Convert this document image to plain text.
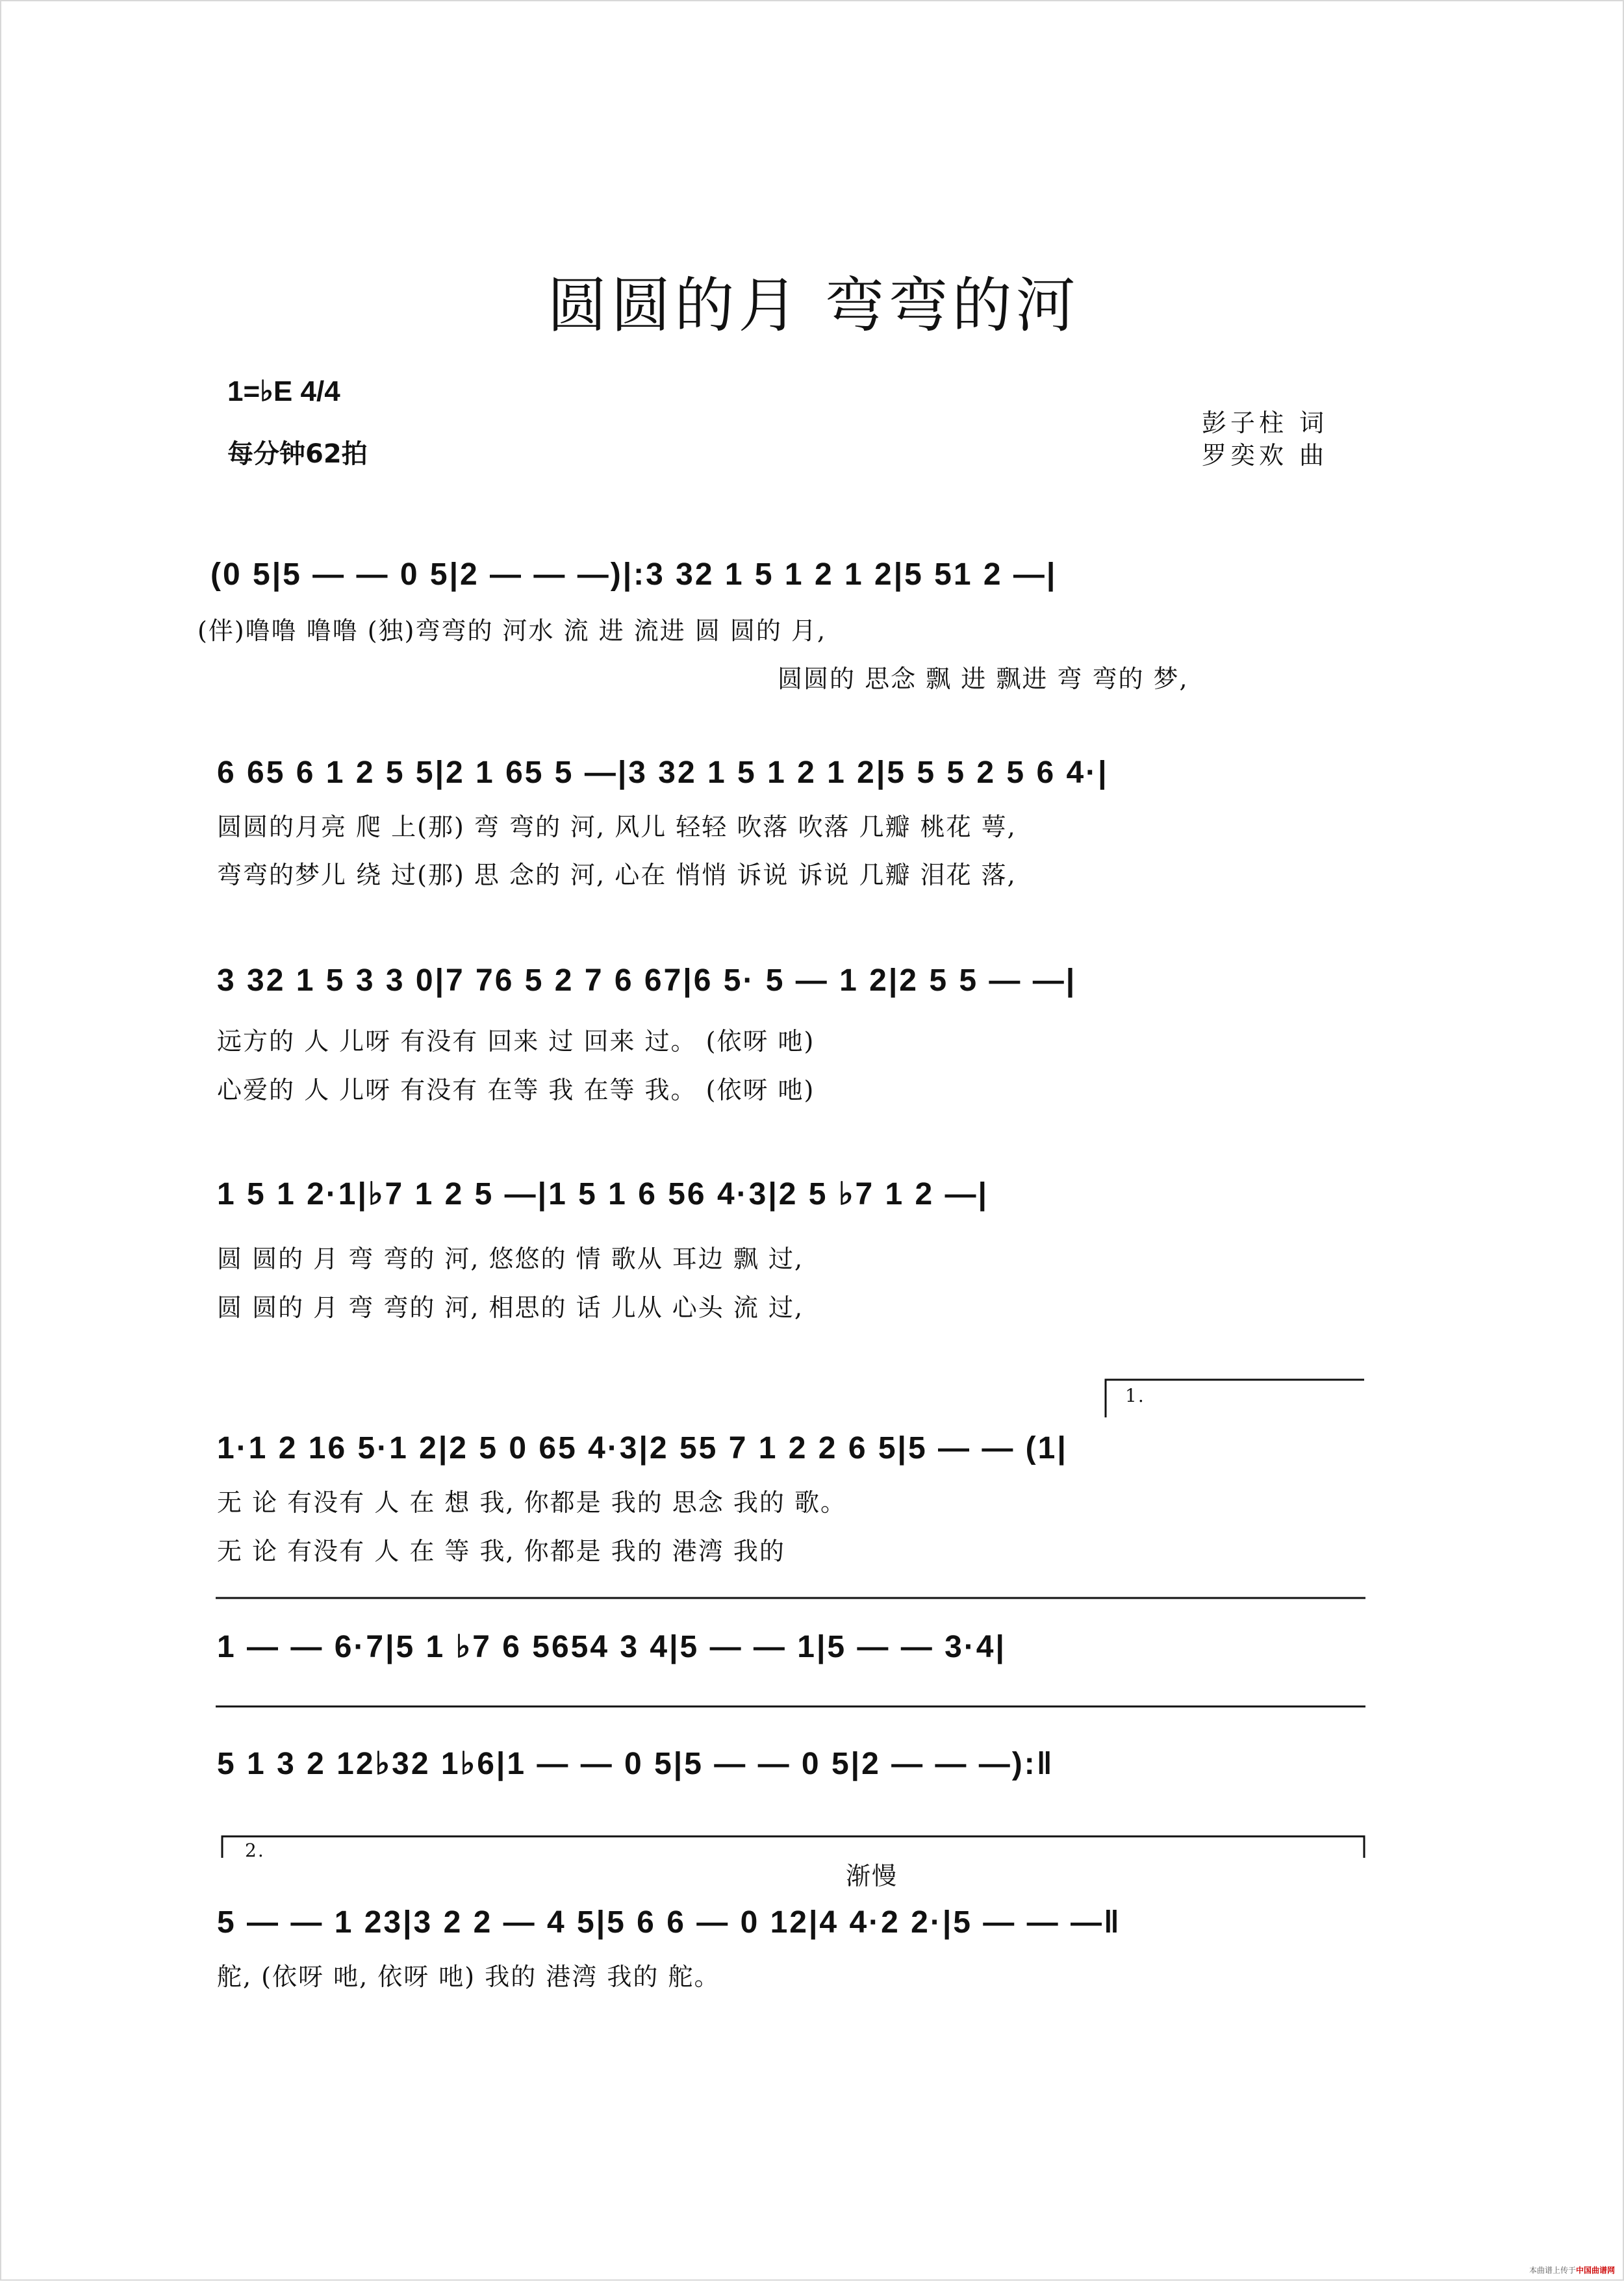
圆圆的月 弯弯的河
1=♭E 4/4
每分钟62拍
彭子柱 词
罗奕欢 曲
(0 5|5 — — 0 5|2 — — —)|:3 32 1 5 1 2 1 2|5 51 2 —|
(伴)噜噜 噜噜 (独)弯弯的 河水 流 进 流进 圆 圆的 月,
圆圆的 思念 飘 进 飘进 弯 弯的 梦,
6 65 6 1 2 5 5|2 1 65 5 —|3 32 1 5 1 2 1 2|5 5 5 2 5 6 4·|
圆圆的月亮 爬 上(那) 弯 弯的 河, 风儿 轻轻 吹落 吹落 几瓣 桃花 萼,
弯弯的梦儿 绕 过(那) 思 念的 河, 心在 悄悄 诉说 诉说 几瓣 泪花 落,
3 32 1 5 3 3 0|7 76 5 2 7 6 67|6 5· 5 — 1 2|2 5 5 — —|
远方的 人 儿呀 有没有 回来 过 回来 过。 (依呀 吔)
心爱的 人 儿呀 有没有 在等 我 在等 我。 (依呀 吔)
1 5 1 2·1|♭7 1 2 5 —|1 5 1 6 56 4·3|2 5 ♭7 1 2 —|
圆 圆的 月 弯 弯的 河, 悠悠的 情 歌从 耳边 飘 过,
圆 圆的 月 弯 弯的 河, 相思的 话 儿从 心头 流 过,
1.
1·1 2 16 5·1 2|2 5 0 65 4·3|2 55 7 1 2 2 6 5|5 — — (1|
无 论 有没有 人 在 想 我, 你都是 我的 思念 我的 歌。
无 论 有没有 人 在 等 我, 你都是 我的 港湾 我的
1 — — 6·7|5 1 ♭7 6 5654 3 4|5 — — 1|5 — — 3·4|
5 1 3 2 12♭32 1♭6|1 — — 0 5|5 — — 0 5|2 — — —):‖
2.
渐慢
5 — — 1 23|3 2 2 — 4 5|5 6 6 — 0 12|4 4·2 2·|5 — — —‖
舵, (依呀 吔, 依呀 吔) 我的 港湾 我的 舵。
本曲谱上传于中国曲谱网
